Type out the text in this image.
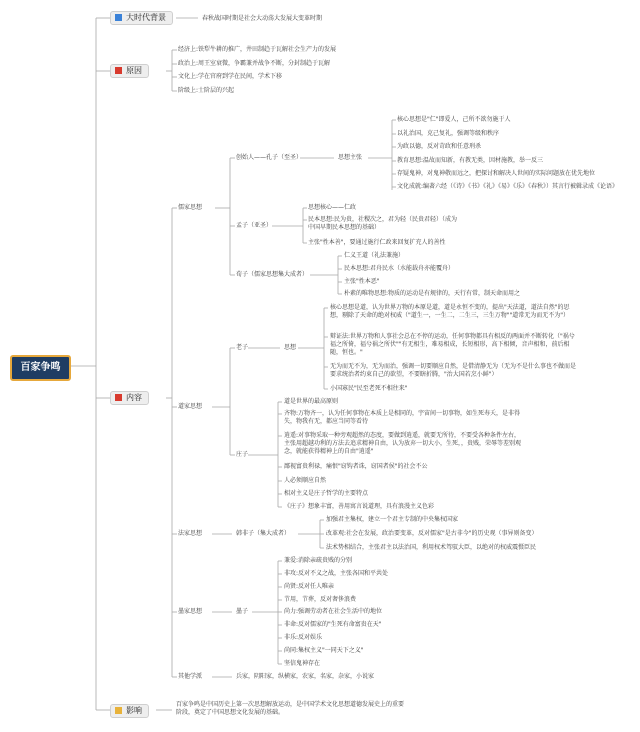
百家争鸣
大时代背景
原因
内容
影响
春秋战国时期是社会大动荡大发展大变革时期
经济上:铁犁牛耕的推广，井田制趋于瓦解社会生产力的发展
政治上:周王室衰微，争霸兼并战争不断，分封制趋于瓦解
文化上:学在官府到学在民间，学术下移
阶级上:士阶层的兴起
儒家思想
创始人——孔子（至圣）	思想主张
核心思想是"仁"即爱人，己所不欲勿施于人
以礼治国，克己复礼，强调等级和秩序
为政以德，反对苛政和任意刑杀
教育思想:温故而知新，有教无类，因材施教，举一反三
存疑鬼神，对鬼神敬而远之，把探讨和解决人世间的实际问题放在优先地位
文化成就:编著六经（《诗》《书》《礼》《易》《乐》《春秋》）其言行被辑录成《论语》
孟子（亚圣）
思想核心——仁政
民本思想:民为贵，社稷次之，君为轻（民贵君轻）（成为中国早期民本思想的基础）
主张"性本善"，要通过施行仁政来回复扩充人的善性
荀子（儒家思想集大成者）
仁义王道（礼法兼施）
民本思想:君舟民水（水能载舟亦能覆舟）
主张"性本恶"
朴素的唯物思想:物质的运动是有规律的，天行有常，制天命而用之
道家思想
老子	思想
核心思想是道，认为世界万物的本原是道，道是永恒不变的，提出"天法道，道法自然"的思想，剔除了天命的绝对权威（"道生一，一生二，二生三，三生万物""道常无为而无不为"）
辩证法:世界万物和人事社会总在不停的运动，任何事物都具有相反的两面并不断转化（"祸兮福之所倚，福兮祸之所伏""有无相生，难易相成，长短相形，高下相倾，音声相和，前后相随，恒也。"
无为而无不为，无为而治，强调一切要顺应自然，是借清静无为（无为不是什么事也不做而是要求统治者约束自己的欲望，不要瞎折腾，"治大国若烹小鲜"）
小国寡民"民至老死不相往来"
庄子
道是世界的最高原则
齐物:万物齐一，认为任何事物在本质上是相同的，宇宙间一切事物，如生死寿夭，是非得失，物我有无，都应当同等看待
逍遥:对事物采取一种旁观超然的态度，要做到逍遥，就要无所待，不要受各种条件左右，主张用超越功利的方法去追求精神自由，认为放弃一切大小，生死，，贵贱，荣辱等差别观念，就能获得精神上的自由"逍遥"
鄙视富贵利禄，痛恨"窃钩者诛，窃国者侯"的社会不公
人必须顺应自然
相对主义是庄子哲学的主要特点
《庄子》想象丰富，善用寓言说道理，具有浪漫主义色彩
法家思想	韩非子（集大成者）
加强君主集权，建立一个君主专制的中央集权国家
改革观:社会在发展，政治要变革，反对儒家"是古非今"的历史观（事异则备变）
法术势相结合，主张君主以法治国，利用权术驾驭大臣，以绝对的权威震慑臣民
墨家思想	墨子
兼爱:消除亲疏贵贱的分别
非攻:反对不义之战，主张各国和平共处
尚贤:反对任人唯亲
节用，节葬，反对奢侈浪费
尚力:强调劳动者在社会生活中的地位
非命:反对儒家的"生死有命富贵在天"
非乐:反对娱乐
尚同:集权主义"一同天下之义"
坚信鬼神存在
其他学派	兵家，阴阳家，纵横家，农家，名家，杂家，小说家
百家争鸣是中国历史上第一次思想解放运动，是中国学术文化思想道德发展史上的重要阶段，奠定了中国思想文化发展的基础。
